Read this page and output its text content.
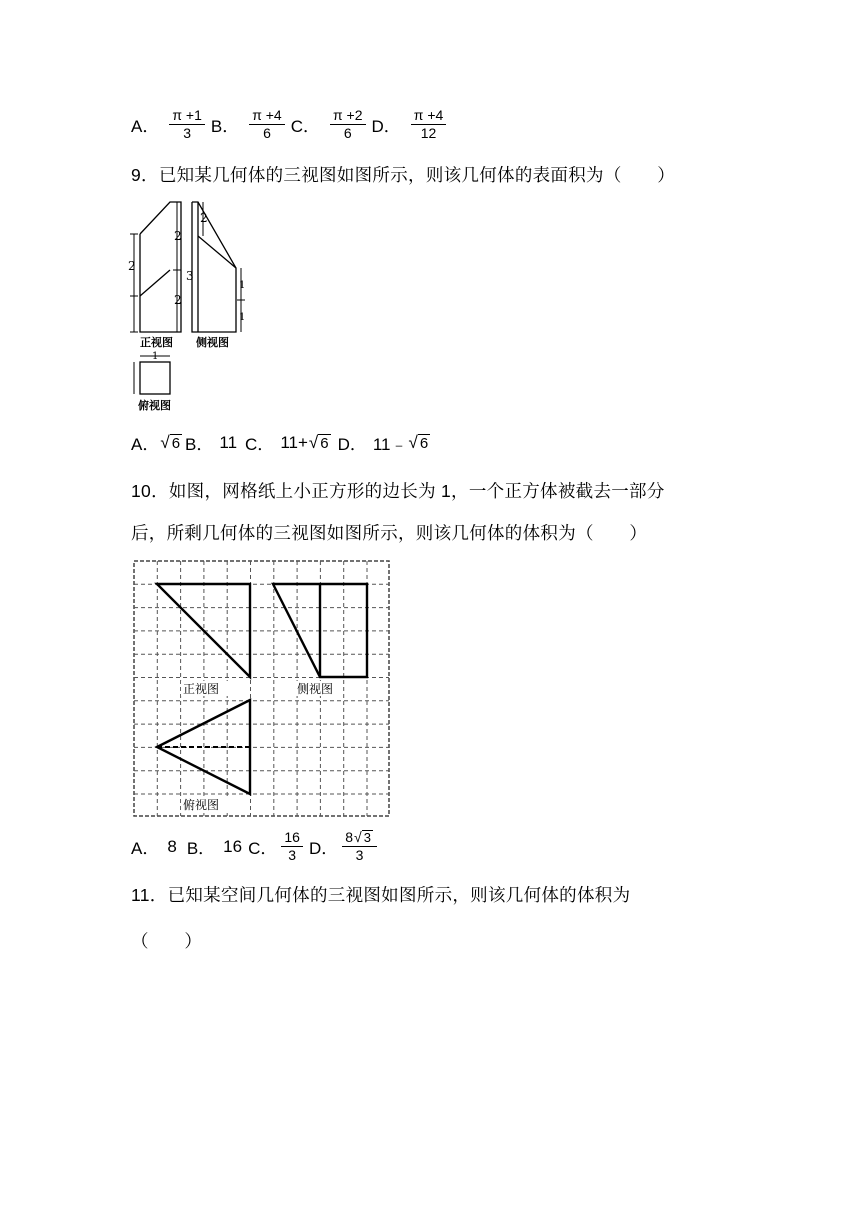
A． $\frac{\pi +1}{3}$ B． $\frac{\pi +4}{6}$ C． $\frac{\pi +2}{6}$ D． $\frac{\pi +4}{12}$
9．已知某几何体的三视图如图所示，则该几何体的表面积为（　　）
2
2
2
3
2
1
1
1
正视图 侧视图
俯视图
A． √ 6 B． 11 C． 11+ √ 6 D． 11﹣ √ 6
10．如图，网格纸上小正方形的边长为 1，一个正方体被截去一部分
后，所剩几何体的三视图如图所示，则该几何体的体积为（　　）
正视图	侧视图
俯视图
A． 8 B． 16 C． $\frac{16}{3}$ D． $\frac{8 √ 3}{3}$
11．已知某空间几何体的三视图如图所示，则该几何体的体积为
（　　）
